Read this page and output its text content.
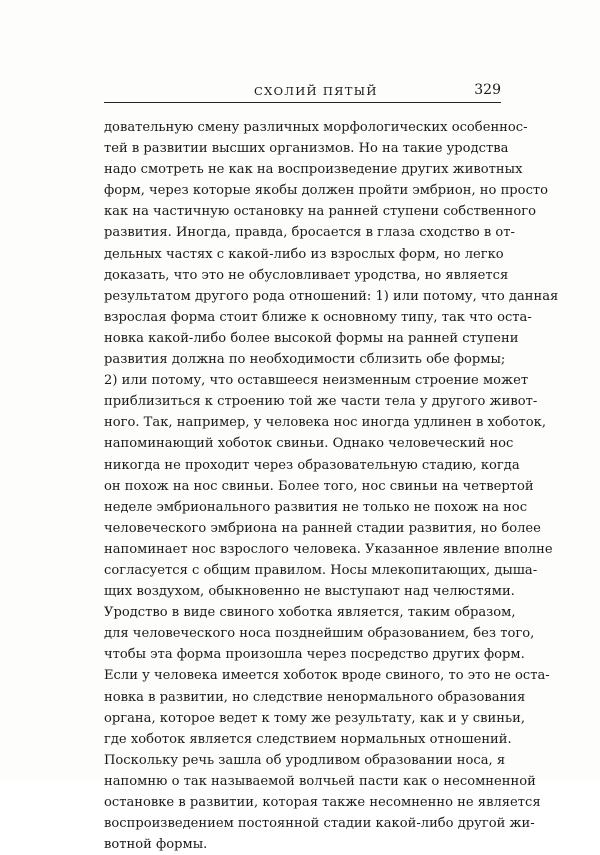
СХОЛИЙ ПЯТЫЙ	329
довательную смену различных морфологических особеннос-
тей в развитии высших организмов. Но на такие уродства
надо смотреть не как на воспроизведение других животных
форм, через которые якобы должен пройти эмбрион, но просто
как на частичную остановку на ранней ступени собственного
развития. Иногда, правда, бросается в глаза сходство в от-
дельных частях с какой-либо из взрослых форм, но легко
доказать, что это не обусловливает уродства, но является
результатом другого рода отношений: 1) или потому, что данная
взрослая форма стоит ближе к основному типу, так что оста-
новка какой-либо более высокой формы на ранней ступени
развития должна по необходимости сблизить обе формы;
2) или потому, что оставшееся неизменным строение может
приблизиться к строению той же части тела у другого живот-
ного. Так, например, у человека нос иногда удлинен в хоботок,
напоминающий хоботок свиньи. Однако человеческий нос
никогда не проходит через образовательную стадию, когда
он похож на нос свиньи. Более того, нос свиньи на четвертой
неделе эмбрионального развития не только не похож на нос
человеческого эмбриона на ранней стадии развития, но более
напоминает нос взрослого человека. Указанное явление вполне
согласуется с общим правилом. Носы млекопитающих, дыша-
щих воздухом, обыкновенно не выступают над челюстями.
Уродство в виде свиного хоботка является, таким образом,
для человеческого носа позднейшим образованием, без того,
чтобы эта форма произошла через посредство других форм.
Если у человека имеется хоботок вроде свиного, то это не оста-
новка в развитии, но следствие ненормального образования
органа, которое ведет к тому же результату, как и у свиньи,
где хоботок является следствием нормальных отношений.
Поскольку речь зашла об уродливом образовании носа, я
напомню о так называемой волчьей пасти как о несомненной
остановке в развитии, которая также несомненно не является
воспроизведением постоянной стадии какой-либо другой жи-
вотной формы.
